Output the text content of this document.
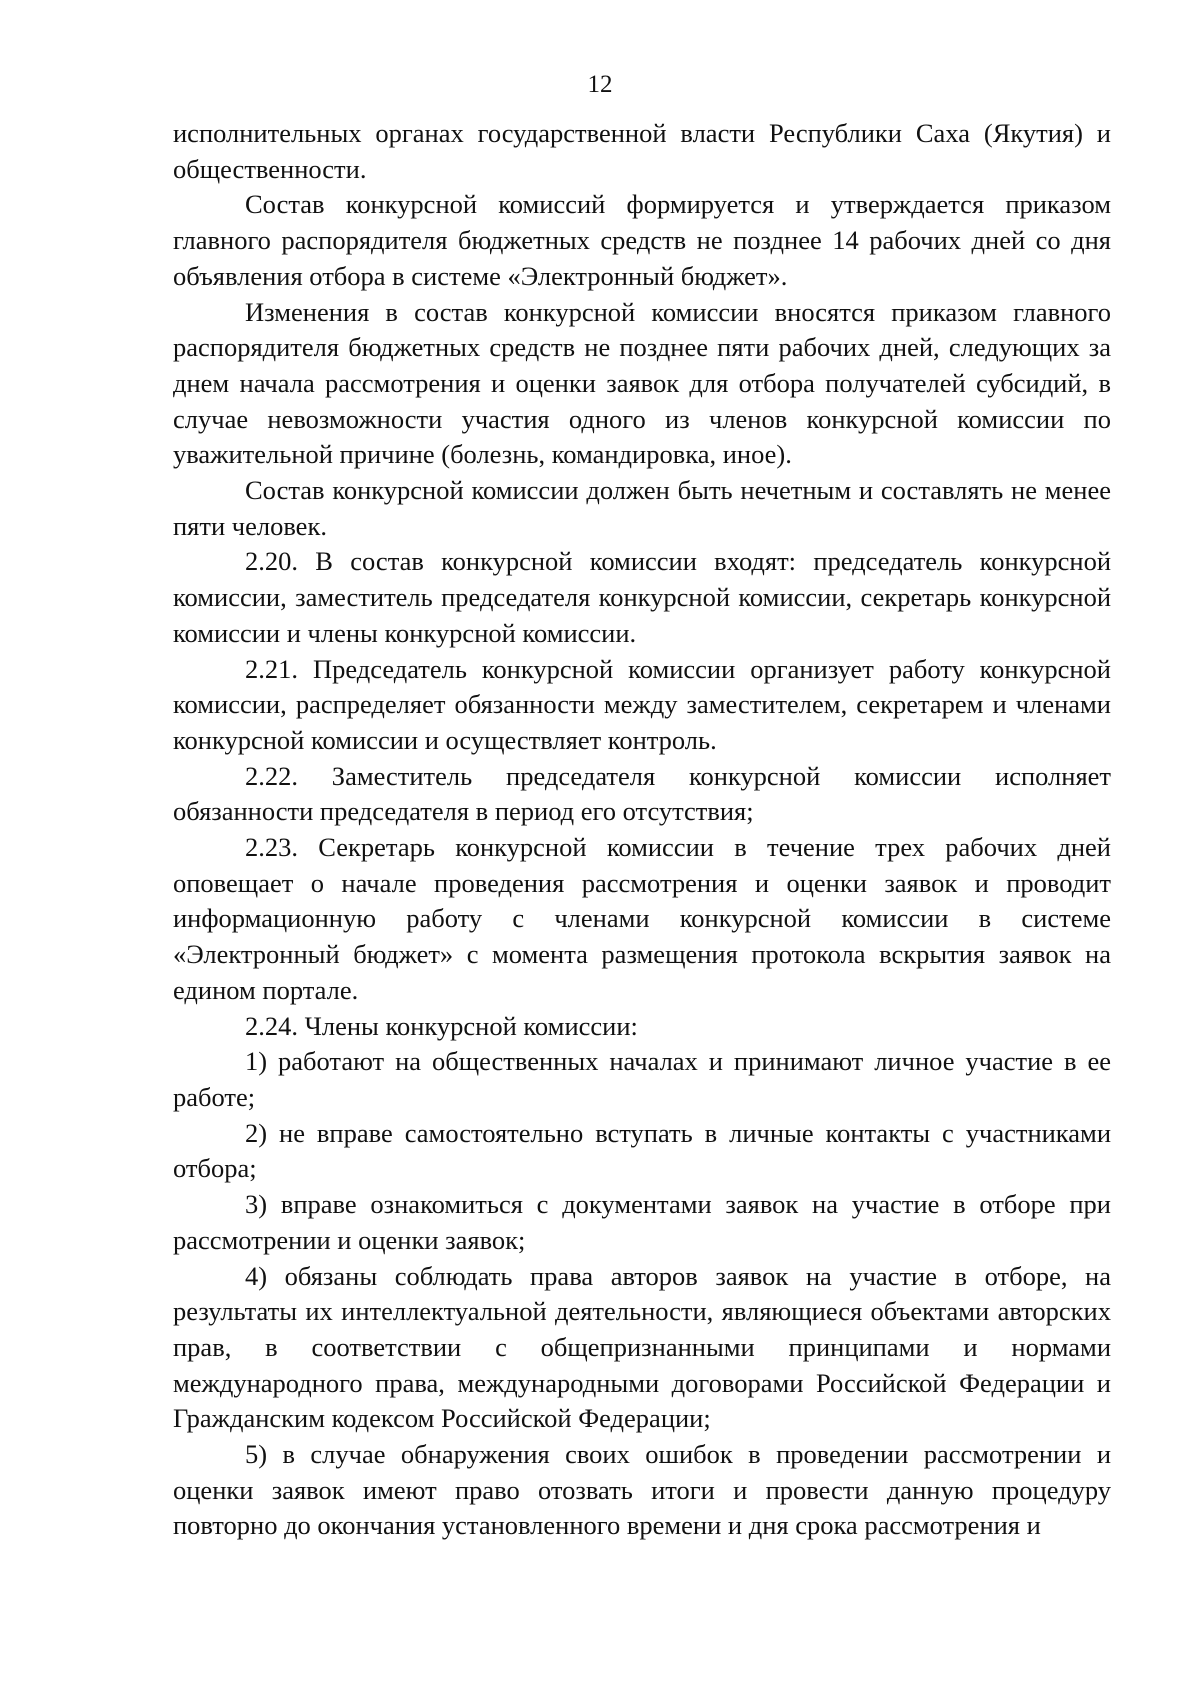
12

исполнительных органах государственной власти Республики Саха (Якутия) и общественности.

Состав конкурсной комиссий формируется и утверждается приказом главного распорядителя бюджетных средств не позднее 14 рабочих дней со дня объявления отбора в системе «Электронный бюджет».

Изменения в состав конкурсной комиссии вносятся приказом главного распорядителя бюджетных средств не позднее пяти рабочих дней, следующих за днем начала рассмотрения и оценки заявок для отбора получателей субсидий, в случае невозможности участия одного из членов конкурсной комиссии по уважительной причине (болезнь, командировка, иное).

Состав конкурсной комиссии должен быть нечетным и составлять не менее пяти человек.

2.20. В состав конкурсной комиссии входят: председатель конкурсной комиссии, заместитель председателя конкурсной комиссии, секретарь конкурсной комиссии и члены конкурсной комиссии.

2.21. Председатель конкурсной комиссии организует работу конкурсной комиссии, распределяет обязанности между заместителем, секретарем и членами конкурсной комиссии и осуществляет контроль.

2.22. Заместитель председателя конкурсной комиссии исполняет обязанности председателя в период его отсутствия;

2.23. Секретарь конкурсной комиссии в течение трех рабочих дней оповещает о начале проведения рассмотрения и оценки заявок и проводит информационную работу с членами конкурсной комиссии в системе «Электронный бюджет» с момента размещения протокола вскрытия заявок на едином портале.

2.24. Члены конкурсной комиссии:

1) работают на общественных началах и принимают личное участие в ее работе;

2) не вправе самостоятельно вступать в личные контакты с участниками отбора;

3) вправе ознакомиться с документами заявок на участие в отборе при рассмотрении и оценки заявок;

4) обязаны соблюдать права авторов заявок на участие в отборе, на результаты их интеллектуальной деятельности, являющиеся объектами авторских прав, в соответствии с общепризнанными принципами и нормами международного права, международными договорами Российской Федерации и Гражданским кодексом Российской Федерации;

5) в случае обнаружения своих ошибок в проведении рассмотрении и оценки заявок имеют право отозвать итоги и провести данную процедуру повторно до окончания установленного времени и дня срока рассмотрения и
